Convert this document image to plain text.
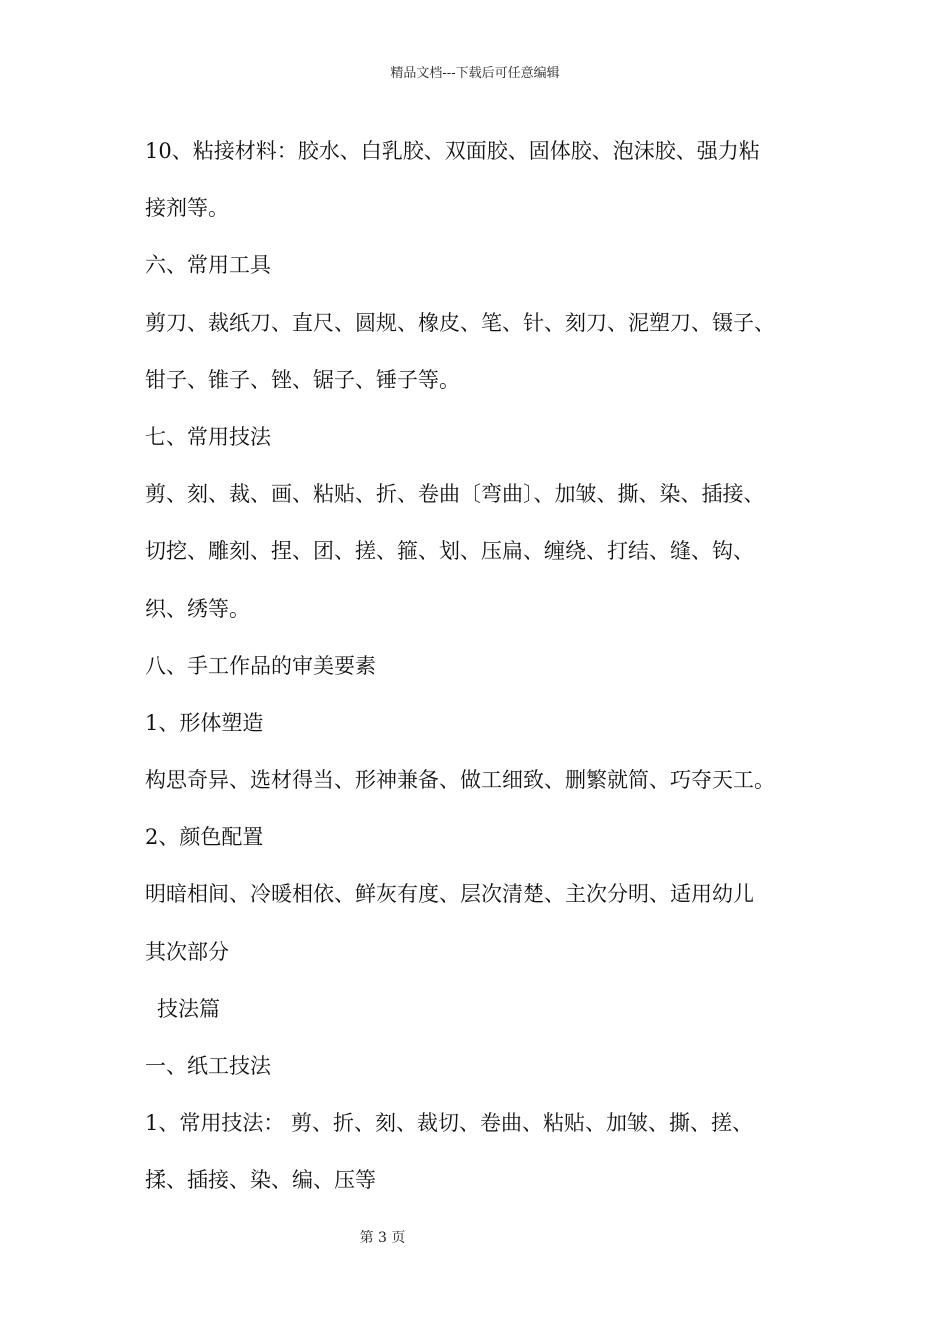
精品文档---下载后可任意编辑
10、粘接材料：胶水、白乳胶、双面胶、固体胶、泡沫胶、强力粘
接剂等。
六、常用工具
剪刀、裁纸刀、直尺、圆规、橡皮、笔、针、刻刀、泥塑刀、镊子、
钳子、锥子、锉、锯子、锤子等。
七、常用技法
剪、刻、裁、画、粘贴、折、卷曲〔弯曲〕、加皱、撕、染、插接、
切挖、雕刻、捏、团、搓、箍、划、压扁、缠绕、打结、缝、钩、
织、绣等。
八、手工作品的审美要素
1、形体塑造
构思奇异、选材得当、形神兼备、做工细致、删繁就简、巧夺天工。
2、颜色配置
明暗相间、冷暖相依、鲜灰有度、层次清楚、主次分明、适用幼儿
其次部分
技法篇
一、纸工技法
1、常用技法： 剪、折、刻、裁切、卷曲、粘贴、加皱、撕、搓、
揉、插接、染、编、压等
第 3 页
